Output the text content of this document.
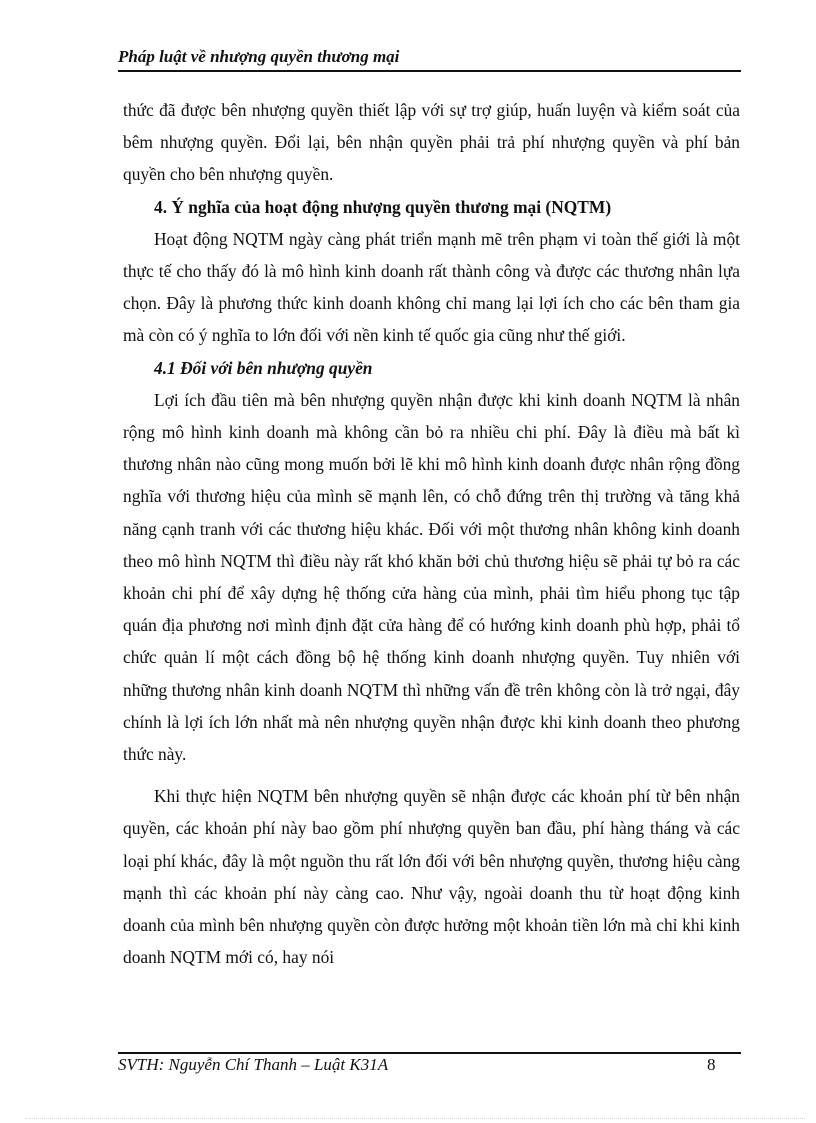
Pháp luật về nhượng quyền thương mại

thức đã được bên nhượng quyền thiết lập với sự trợ giúp, huấn luyện và kiểm soát của bêm nhượng quyền. Đổi lại, bên nhận quyền phải trả phí nhượng quyền và phí bản quyền cho bên nhượng quyền.

4. Ý nghĩa của hoạt động nhượng quyền thương mại (NQTM)

Hoạt động NQTM ngày càng phát triển mạnh mẽ trên phạm vi toàn thế giới là một thực tế cho thấy đó là mô hình kinh doanh rất thành công và được các thương nhân lựa chọn. Đây là phương thức kinh doanh không chỉ mang lại lợi ích cho các bên tham gia mà còn có ý nghĩa to lớn đối với nền kinh tế quốc gia cũng như thế giới.

4.1 Đối với bên nhượng quyền

Lợi ích đầu tiên mà bên nhượng quyền nhận được khi kinh doanh NQTM là nhân rộng mô hình kinh doanh mà không cần bỏ ra nhiều chi phí. Đây là điều mà bất kì thương nhân nào cũng mong muốn bởi lẽ khi mô hình kinh doanh được nhân rộng đồng nghĩa với thương hiệu của mình sẽ mạnh lên, có chỗ đứng trên thị trường và tăng khả năng cạnh tranh với các thương hiệu khác. Đối với một thương nhân không kinh doanh theo mô hình NQTM thì điều này rất khó khăn bởi chủ thương hiệu sẽ phải tự bỏ ra các khoản chi phí để xây dựng hệ thống cửa hàng của mình, phải tìm hiểu phong tục tập quán địa phương nơi mình định đặt cửa hàng để có hướng kinh doanh phù hợp, phải tổ chức quản lí một cách đồng bộ hệ thống kinh doanh nhượng quyền. Tuy nhiên với những thương nhân kinh doanh NQTM thì những vấn đề trên không còn là trở ngại, đây chính là lợi ích lớn nhất mà nên nhượng quyền nhận được khi kinh doanh theo phương thức này.

Khi thực hiện NQTM bên nhượng quyền sẽ nhận được các khoản phí từ bên nhận quyền, các khoản phí này bao gồm phí nhượng quyền ban đầu, phí hàng tháng và các loại phí khác, đây là một nguồn thu rất lớn đối với bên nhượng quyền, thương hiệu càng mạnh thì các khoản phí này càng cao. Như vậy, ngoài doanh thu từ hoạt động kinh doanh của mình bên nhượng quyền còn được hưởng một khoản tiền lớn mà chỉ khi kinh doanh NQTM mới có, hay nói

SVTH: Nguyễn Chí Thanh – Luật K31A	8
